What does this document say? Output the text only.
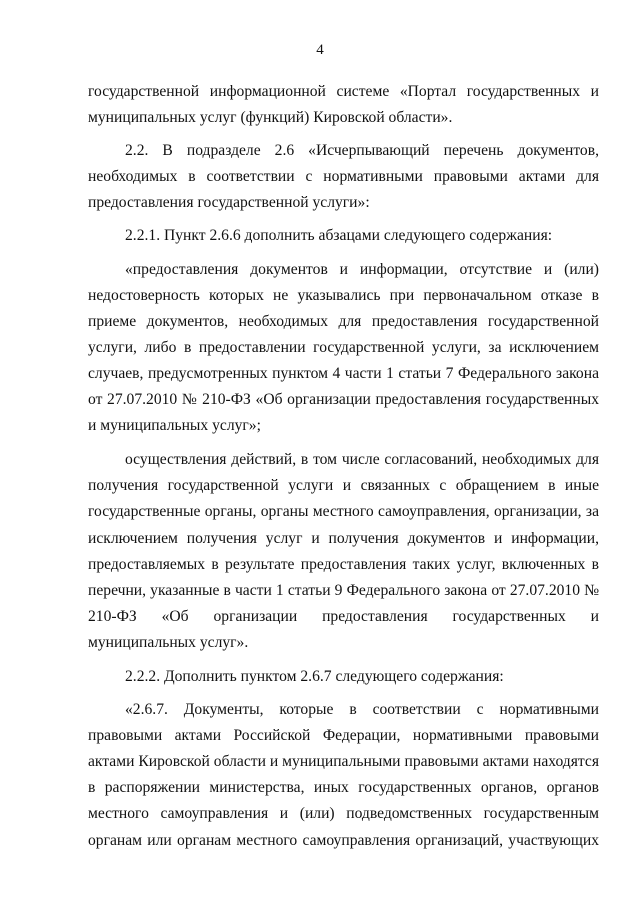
4

государственной информационной системе «Портал государственных и муниципальных услуг (функций) Кировской области».

2.2. В подразделе 2.6 «Исчерпывающий перечень документов, необходимых в соответствии с нормативными правовыми актами для предоставления государственной услуги»:

2.2.1. Пункт 2.6.6 дополнить абзацами следующего содержания:

«предоставления документов и информации, отсутствие и (или) недостоверность которых не указывались при первоначальном отказе в приеме документов, необходимых для предоставления государственной услуги, либо в предоставлении государственной услуги, за исключением случаев, предусмотренных пунктом 4 части 1 статьи 7 Федерального закона от 27.07.2010 № 210-ФЗ «Об организации предоставления государственных и муниципальных услуг»;

осуществления действий, в том числе согласований, необходимых для получения государственной услуги и связанных с обращением в иные государственные органы, органы местного самоуправления, организации, за исключением получения услуг и получения документов и информации, предоставляемых в результате предоставления таких услуг, включенных в перечни, указанные в части 1 статьи 9 Федерального закона от 27.07.2010 № 210-ФЗ «Об организации предоставления государственных и муниципальных услуг».

2.2.2. Дополнить пунктом 2.6.7 следующего содержания:

«2.6.7. Документы, которые в соответствии с нормативными правовыми актами Российской Федерации, нормативными правовыми актами Кировской области и муниципальными правовыми актами находятся в распоряжении министерства, иных государственных органов, органов местного самоуправления и (или) подведомственных государственным органам или органам местного самоуправления организаций, участвующих
